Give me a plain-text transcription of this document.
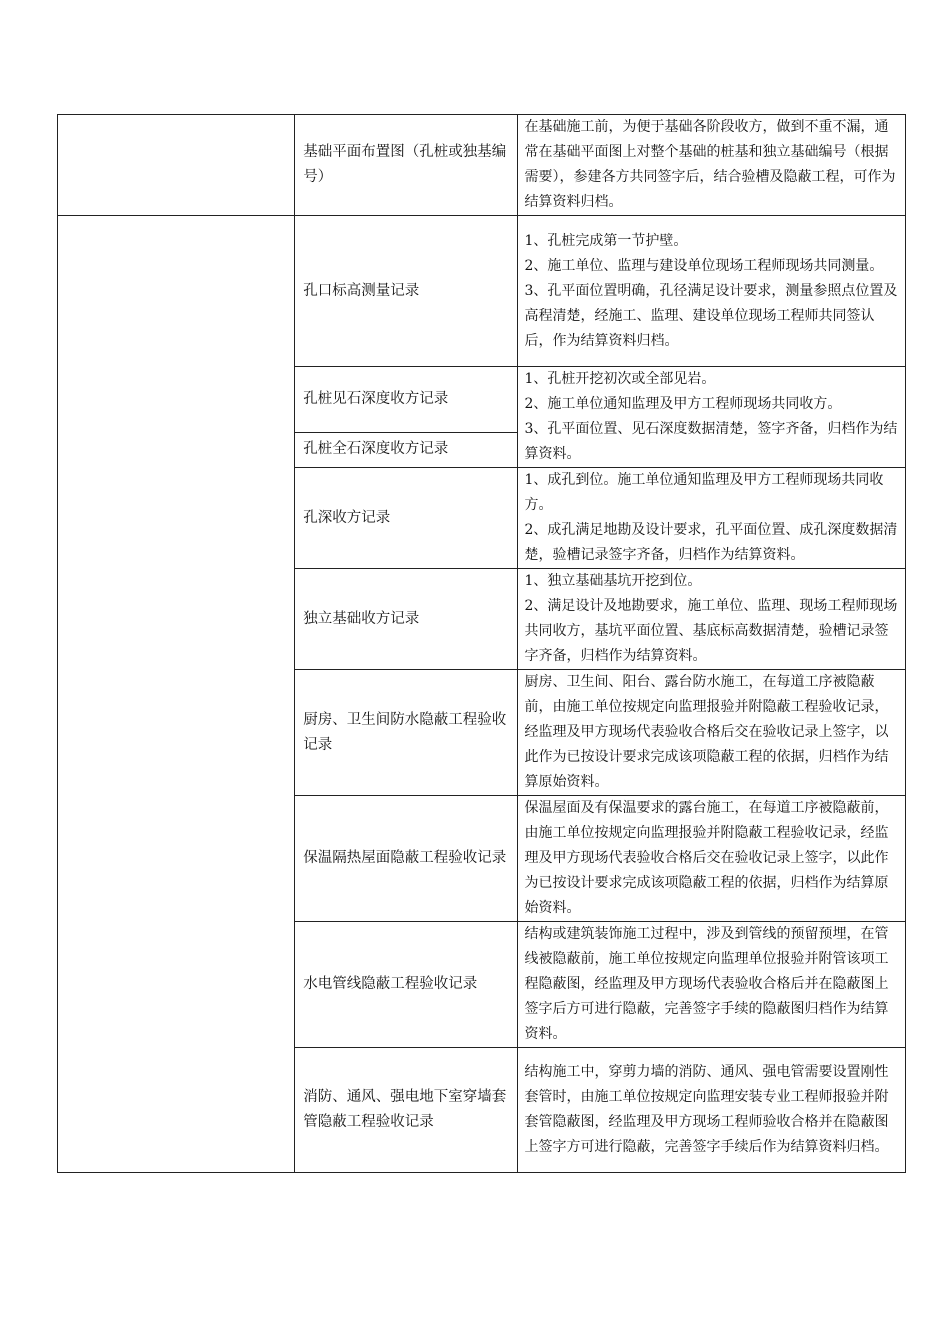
	基础平面布置图（孔桩或独基编号）	在基础施工前，为便于基础各阶段收方，做到不重不漏，通常在基础平面图上对整个基础的桩基和独立基础编号（根据需要），参建各方共同签字后，结合验槽及隐蔽工程，可作为结算资料归档。

	孔口标高测量记录	1、孔桩完成第一节护壁。
2、施工单位、监理与建设单位现场工程师现场共同测量。
3、孔平面位置明确，孔径满足设计要求，测量参照点位置及高程清楚，经施工、监理、建设单位现场工程师共同签认后，作为结算资料归档。

	孔桩见石深度收方记录	1、孔桩开挖初次或全部见岩。
2、施工单位通知监理及甲方工程师现场共同收方。
3、孔平面位置、见石深度数据清楚，签字齐备，归档作为结算资料。

	孔桩全石深度收方记录	
	孔深收方记录	1、成孔到位。施工单位通知监理及甲方工程师现场共同收方。
2、成孔满足地勘及设计要求，孔平面位置、成孔深度数据清楚，验槽记录签字齐备，归档作为结算资料。

	独立基础收方记录	1、独立基础基坑开挖到位。
2、满足设计及地勘要求，施工单位、监理、现场工程师现场共同收方，基坑平面位置、基底标高数据清楚，验槽记录签字齐备，归档作为结算资料。

	厨房、卫生间防水隐蔽工程验收记录	厨房、卫生间、阳台、露台防水施工，在每道工序被隐蔽前，由施工单位按规定向监理报验并附隐蔽工程验收记录，经监理及甲方现场代表验收合格后交在验收记录上签字，以此作为已按设计要求完成该项隐蔽工程的依据，归档作为结算原始资料。

	保温隔热屋面隐蔽工程验收记录	保温屋面及有保温要求的露台施工，在每道工序被隐蔽前，由施工单位按规定向监理报验并附隐蔽工程验收记录，经监理及甲方现场代表验收合格后交在验收记录上签字，以此作为已按设计要求完成该项隐蔽工程的依据，归档作为结算原始资料。

	水电管线隐蔽工程验收记录	结构或建筑装饰施工过程中，涉及到管线的预留预埋，在管线被隐蔽前，施工单位按规定向监理单位报验并附管该项工程隐蔽图，经监理及甲方现场代表验收合格后并在隐蔽图上签字后方可进行隐蔽，完善签字手续的隐蔽图归档作为结算资料。

	消防、通风、强电地下室穿墙套管隐蔽工程验收记录	结构施工中，穿剪力墙的消防、通风、强电管需要设置刚性套管时，由施工单位按规定向监理安装专业工程师报验并附套管隐蔽图，经监理及甲方现场工程师验收合格并在隐蔽图上签字方可进行隐蔽，完善签字手续后作为结算资料归档。
